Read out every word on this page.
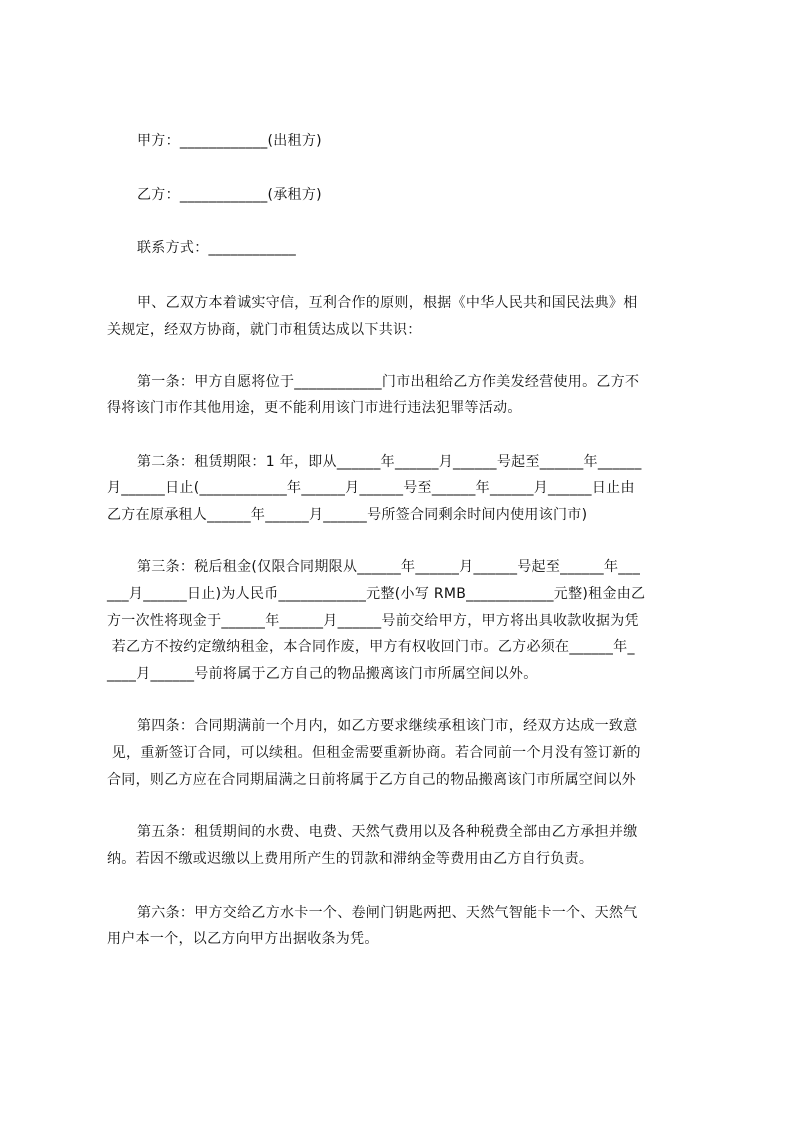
甲方：____________(出租方)
乙方：____________(承租方)
联系方式：____________
甲、乙双方本着诚实守信，互利合作的原则，根据《中华人民共和国民法典》相
关规定，经双方协商，就门市租赁达成以下共识：
第一条：甲方自愿将位于____________门市出租给乙方作美发经营使用。乙方不
得将该门市作其他用途，更不能利用该门市进行违法犯罪等活动。
第二条：租赁期限：1 年，即从______年______月______号起至______年______
月______日止(____________年______月______号至______年______月______日止由
乙方在原承租人______年______月______号所签合同剩余时间内使用该门市)
第三条：税后租金(仅限合同期限从______年______月______号起至______年___
___月______日止)为人民币____________元整(小写 RMB____________元整)租金由乙
方一次性将现金于______年______月______号前交给甲方，甲方将出具收款收据为凭
若乙方不按约定缴纳租金，本合同作废，甲方有权收回门市。乙方必须在______年_
____月______号前将属于乙方自己的物品搬离该门市所属空间以外。
第四条：合同期满前一个月内，如乙方要求继续承租该门市，经双方达成一致意
见，重新签订合同，可以续租。但租金需要重新协商。若合同前一个月没有签订新的
合同，则乙方应在合同期届满之日前将属于乙方自己的物品搬离该门市所属空间以外
第五条：租赁期间的水费、电费、天然气费用以及各种税费全部由乙方承担并缴
纳。若因不缴或迟缴以上费用所产生的罚款和滞纳金等费用由乙方自行负责。
第六条：甲方交给乙方水卡一个、卷闸门钥匙两把、天然气智能卡一个、天然气
用户本一个，以乙方向甲方出据收条为凭。
